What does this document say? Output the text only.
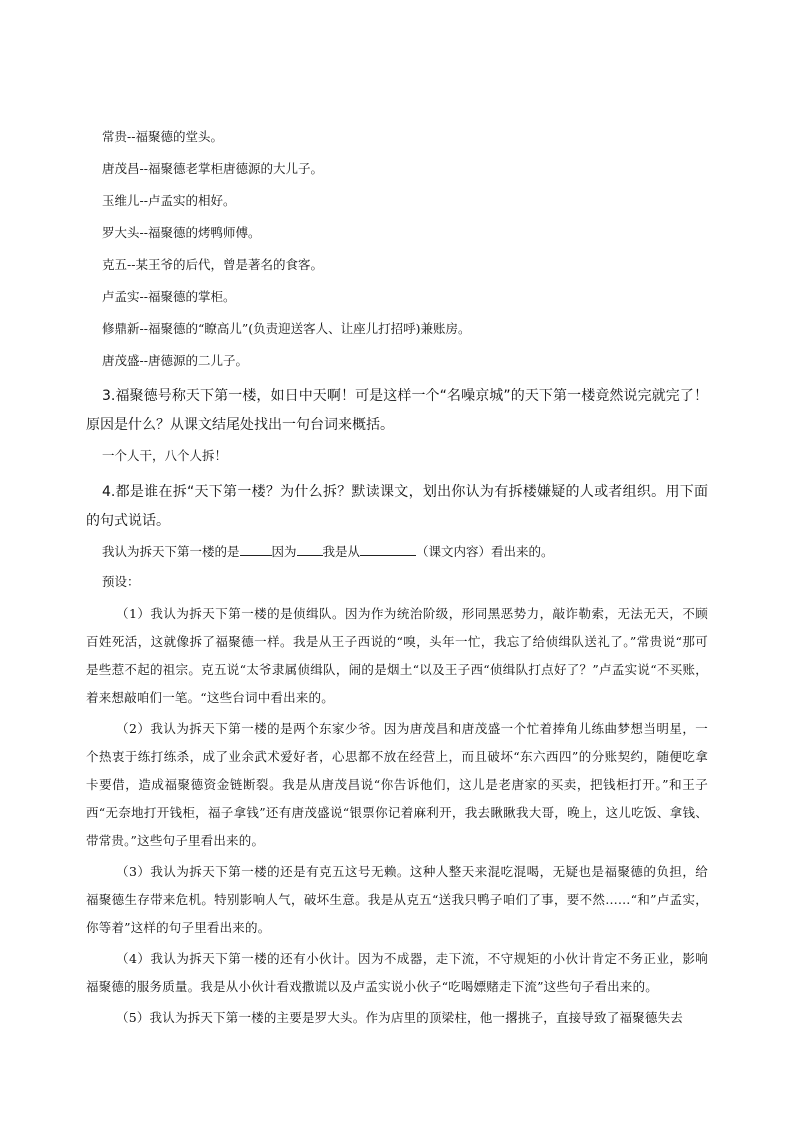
常贵--福聚德的堂头。
唐茂昌--福聚德老掌柜唐德源的大儿子。
玉维儿--卢孟实的相好。
罗大头--福聚德的烤鸭师傅。
克五--某王爷的后代，曾是著名的食客。
卢孟实--福聚德的掌柜。
修鼎新--福聚德的“瞭高儿”(负责迎送客人、让座儿打招呼)兼账房。
唐茂盛--唐德源的二儿子。

3.福聚德号称天下第一楼，如日中天啊！可是这样一个“名噪京城”的天下第一楼竟然说完就完了！原因是什么？从课文结尾处找出一句台词来概括。

一个人干，八个人拆！

4.都是谁在拆“天下第一楼？为什么拆？默读课文，划出你认为有拆楼嫌疑的人或者组织。用下面的句式说话。

我认为拆天下第一楼的是	因为 我是从	（课文内容）看出来的。

预设：

（1）我认为拆天下第一楼的是侦缉队。因为作为统治阶级，形同黑恶势力，敲诈勒索，无法无天，不顾百姓死活，这就像拆了福聚德一样。我是从王子西说的“嗅，头年一忙，我忘了给侦缉队送礼了。”常贵说“那可是些惹不起的祖宗。克五说“太爷隶属侦缉队，闹的是烟土“以及王子西“侦缉队打点好了？”卢孟实说“不买账，着来想敲咱们一笔。“这些台词中看出来的。

（2）我认为拆天下第一楼的是两个东家少爷。因为唐茂昌和唐茂盛一个忙着捧角儿练曲梦想当明星，一个热衷于练打练杀，成了业余武术爱好者，心思都不放在经营上，而且破坏“东六西四”的分账契约，随便吃拿卡要借，造成福聚德资金链断裂。我是从唐茂昌说“你告诉他们，这儿是老唐家的买卖，把钱柜打开。”和王子西“无奈地打开钱柜，福子拿钱”还有唐茂盛说“银票你记着麻利开，我去瞅瞅我大哥，晚上，这儿吃饭、拿钱、带常贵。”这些句子里看出来的。

（3）我认为拆天下第一楼的还是有克五这号无赖。这种人整天来混吃混喝，无疑也是福聚德的负担，给福聚德生存带来危机。特别影响人气，破坏生意。我是从克五“送我只鸭子咱们了事，要不然……“和”卢孟实，你等着”这样的句子里看出来的。

（4）我认为拆天下第一楼的还有小伙计。因为不成器，走下流，不守规矩的小伙计肯定不务正业，影响福聚德的服务质量。我是从小伙计看戏撒谎以及卢孟实说小伙子“吃喝嫖赌走下流”这些句子看出来的。

（5）我认为拆天下第一楼的主要是罗大头。作为店里的顶梁柱，他一撂挑子，直接导致了福聚德失去
